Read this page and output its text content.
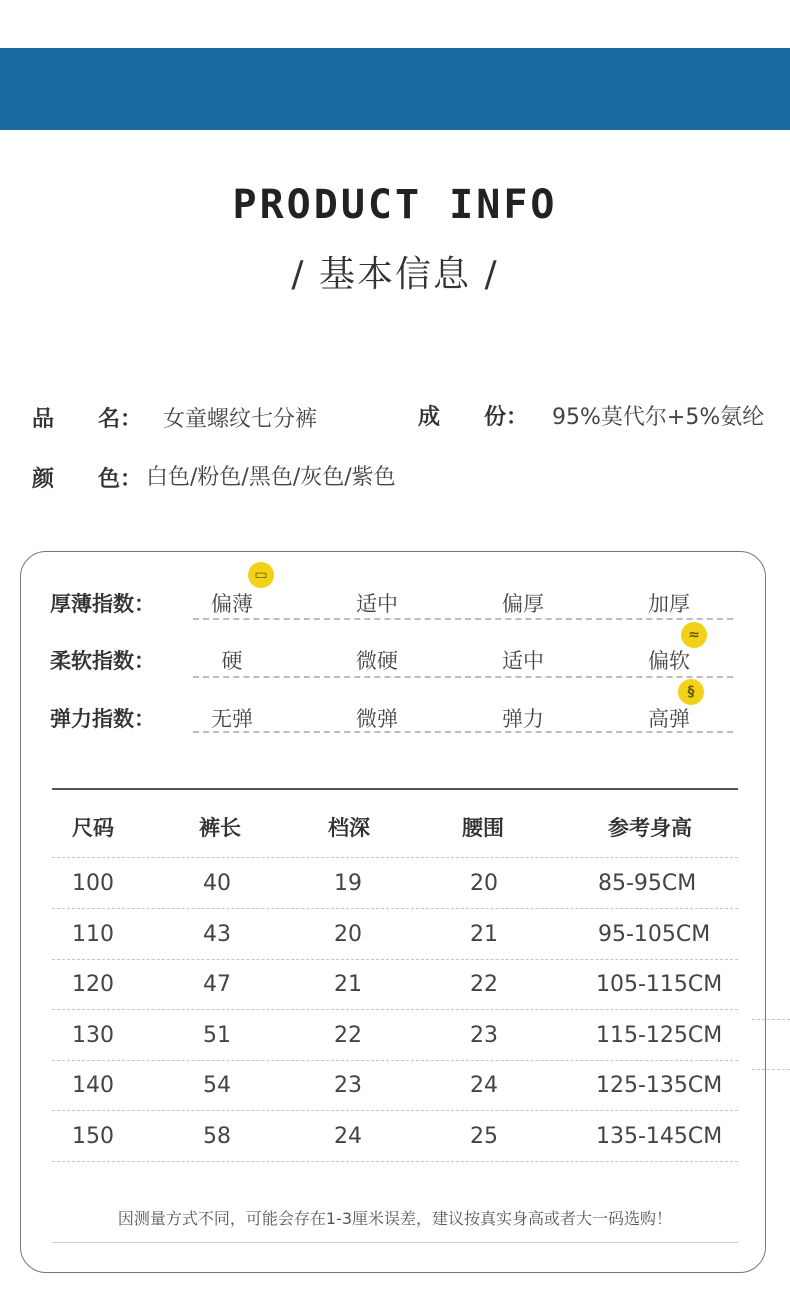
PRODUCT INFO
/ 基本信息 /
品　　名： 女童螺纹七分裤	成　　份： 95%莫代尔+5%氨纶
颜　　色： 白色/粉色/黑色/灰色/紫色
厚薄指数：	偏薄	适中	偏厚	加厚
▭
柔软指数：	硬	微硬	适中	偏软
≈
弹力指数：	无弹	微弹	弹力	高弹
§
尺码	裤长	档深	腰围	参考身高
100	40	19	20	85-95CM
110	43	20	21	95-105CM
120	47	21	22	105-115CM
130	51	22	23	115-125CM
140	54	23	24	125-135CM
150	58	24	25	135-145CM
因测量方式不同，可能会存在1-3厘米误差，建议按真实身高或者大一码选购！
